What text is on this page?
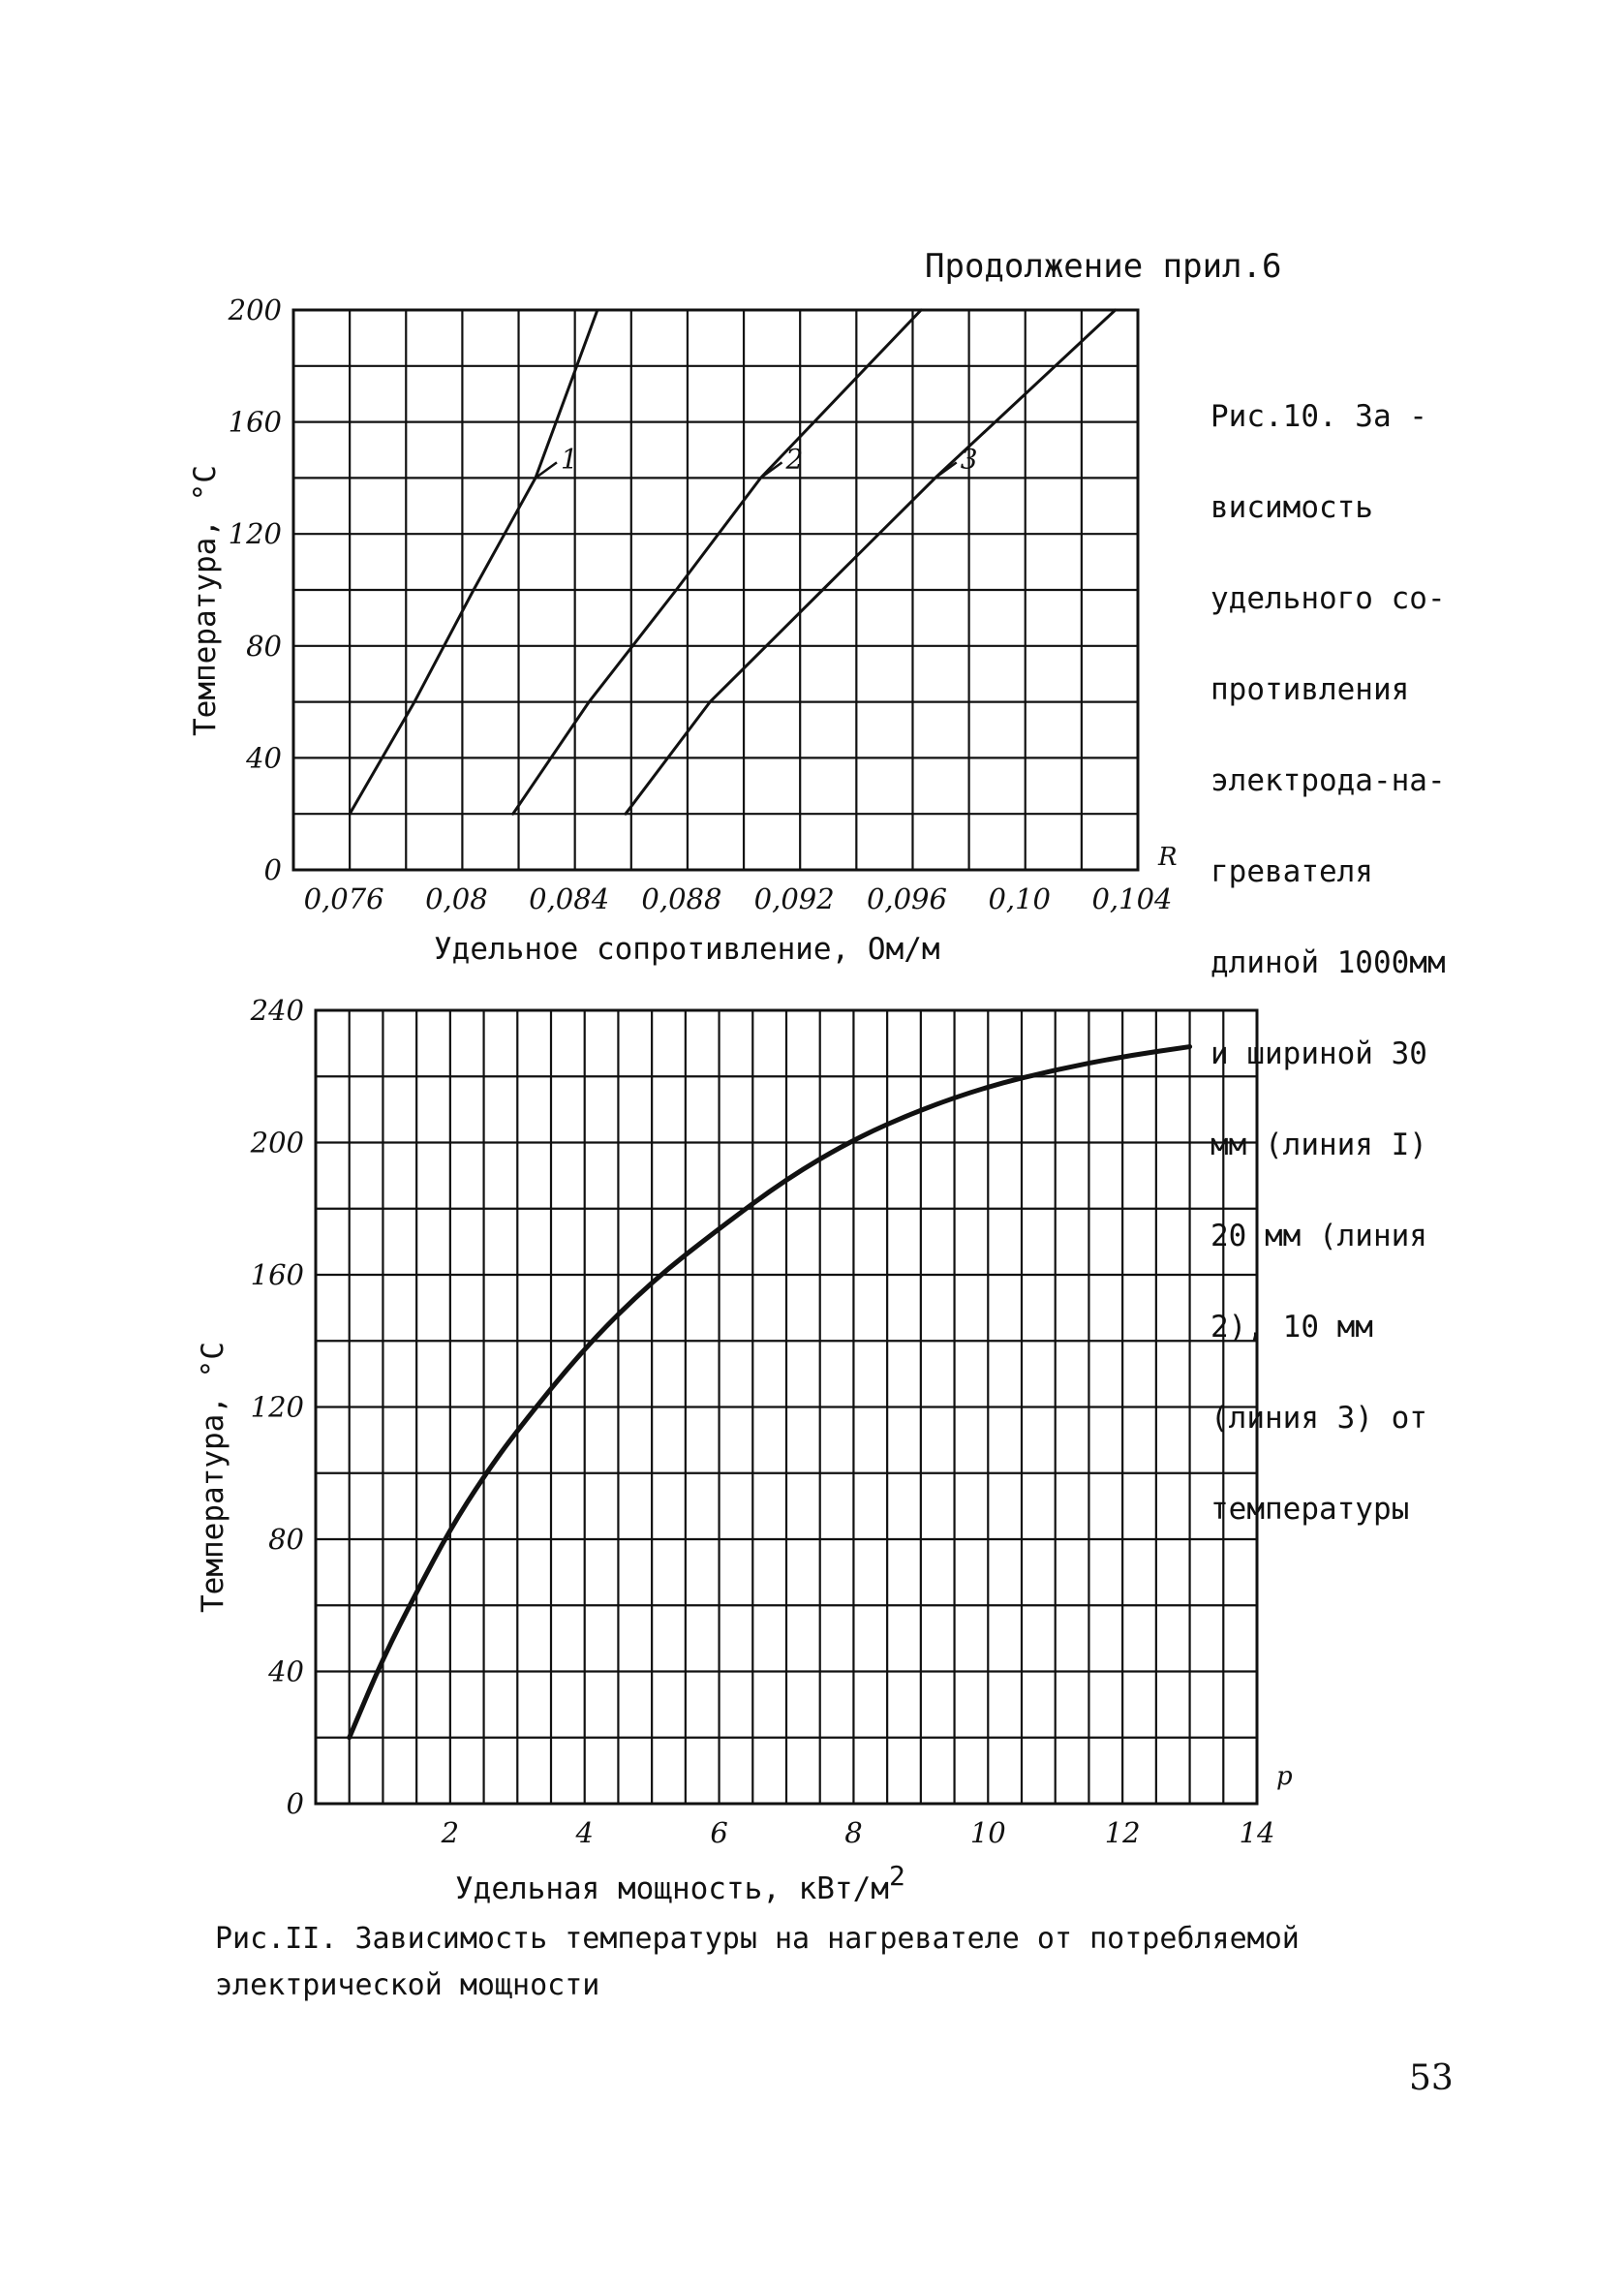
Продолжение прил.6

Рис.10. За -

висимость

удельного со-

противления

электрода-на-

гревателя

длиной 1000мм

и шириной 30

мм (линия I)

20 мм (линия

2), 10 мм

(линия 3) от

температуры

0
40
80
120
160
200
0,076 0,08 0,084 0,088 0,092 0,096 0,10 0,104
R
Температура, °C
Удельное сопротивление, Ом/м
1	2	3
0
40
80
120
160
200
240
2	4	6	8	10	12	14
p
Температура, °C
Удельная мощность, кВт/м2
Рис.II. Зависимость температуры на нагревателе от потребляемой электрической мощности
53
